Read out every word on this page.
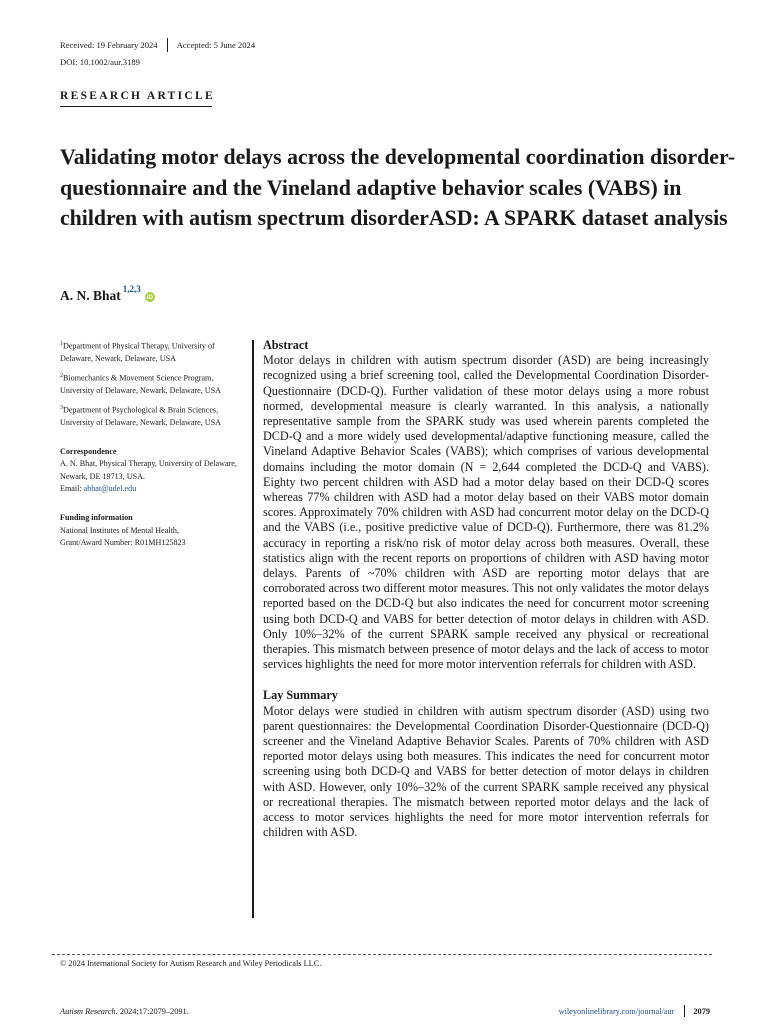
Received: 19 February 2024 Accepted: 5 June 2024
DOI: 10.1002/aur.3189
RESEARCH ARTICLE
Validating motor delays across the developmental coordination disorder-questionnaire and the Vineland adaptive behavior scales (VABS) in children with autism spectrum disorderASD: A SPARK dataset analysis
A. N. Bhat$^{1,2,3}$
iD
$^1$Department of Physical Therapy, University of Delaware, Newark, Delaware, USA
$^2$Biomechanics & Movement Science Program, University of Delaware, Newark, Delaware, USA
$^3$Department of Psychological & Brain Sciences, University of Delaware, Newark, Delaware, USA
Correspondence
A. N. Bhat, Physical Therapy, University of Delaware, Newark, DE 19713, USA.
Email: abhat@udel.edu
Funding information
National Institutes of Mental Health,
Grant/Award Number: R01MH125823
Abstract

Motor delays in children with autism spectrum disorder (ASD) are being increasingly recognized using a brief screening tool, called the Developmental Coordination Disorder-Questionnaire (DCD-Q). Further validation of these motor delays using a more robust normed, developmental measure is clearly warranted. In this analysis, a nationally representative sample from the SPARK study was used wherein parents completed the DCD-Q and a more widely used developmental/adaptive functioning measure, called the Vineland Adaptive Behavior Scales (VABS); which comprises of various developmental domains including the motor domain (N = 2,644 completed the DCD-Q and VABS). Eighty two percent children with ASD had a motor delay based on their DCD-Q scores whereas 77% children with ASD had a motor delay based on their VABS motor domain scores. Approximately 70% children with ASD had concurrent motor delay on the DCD-Q and the VABS (i.e., positive predictive value of DCD-Q). Furthermore, there was 81.2% accuracy in reporting a risk/no risk of motor delay across both measures. Overall, these statistics align with the recent reports on proportions of children with ASD having motor delays. Parents of ~70% children with ASD are reporting motor delays that are corroborated across two different motor measures. This not only validates the motor delays reported based on the DCD-Q but also indicates the need for concurrent motor screening using both DCD-Q and VABS for better detection of motor delays in children with ASD. Only 10%–32% of the current SPARK sample received any physical or recreational therapies. This mismatch between presence of motor delays and the lack of access to motor services highlights the need for more motor intervention referrals for children with ASD.

Lay Summary

Motor delays were studied in children with autism spectrum disorder (ASD) using two parent questionnaires: the Developmental Coordination Disorder-Questionnaire (DCD-Q) screener and the Vineland Adaptive Behavior Scales. Parents of 70% children with ASD reported motor delays using both measures. This indicates the need for concurrent motor screening using both DCD-Q and VABS for better detection of motor delays in children with ASD. However, only 10%–32% of the current SPARK sample received any physical or recreational therapies. The mismatch between reported motor delays and the lack of access to motor services highlights the need for more motor intervention referrals for children with ASD.

© 2024 International Society for Autism Research and Wiley Periodicals LLC.
Autism Research. 2024;17:2079–2091.	wileyonlinelibrary.com/journal/aur 2079
